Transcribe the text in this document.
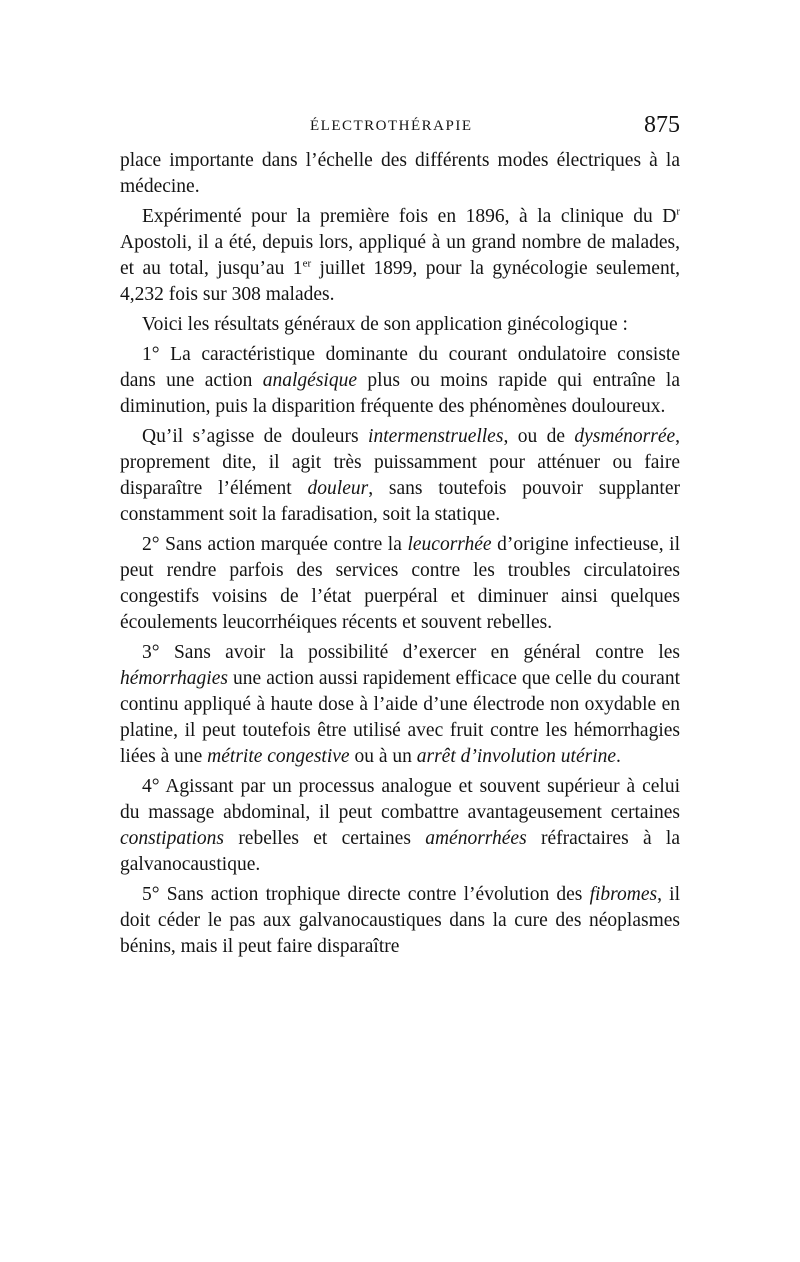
ÉLECTROTHÉRAPIE	875

place importante dans l’échelle des différents modes électriques à la médecine.

Expérimenté pour la première fois en 1896, à la clinique du $D^r$ Apostoli, il a été, depuis lors, appliqué à un grand nombre de malades, et au total, jusqu’au 1er juillet 1899, pour la gynécologie seulement, 4,232 fois sur 308 malades.

Voici les résultats généraux de son application ginécologique :

1° La caractéristique dominante du courant ondulatoire consiste dans une action analgésique plus ou moins rapide qui entraîne la diminution, puis la disparition fréquente des phénomènes douloureux.

Qu’il s’agisse de douleurs intermenstruelles, ou de dysménorrée, proprement dite, il agit très puissamment pour atténuer ou faire disparaître l’élément douleur, sans toutefois pouvoir supplanter constamment soit la faradisation, soit la statique.

2° Sans action marquée contre la leucorrhée d’origine infectieuse, il peut rendre parfois des services contre les troubles circulatoires congestifs voisins de l’état puerpéral et diminuer ainsi quelques écoulements leucorrhéiques récents et souvent rebelles.

3° Sans avoir la possibilité d’exercer en général contre les hémorrhagies une action aussi rapidement efficace que celle du courant continu appliqué à haute dose à l’aide d’une électrode non oxydable en platine, il peut toutefois être utilisé avec fruit contre les hémorrhagies liées à une métrite congestive ou à un arrêt d’involution utérine.

4° Agissant par un processus analogue et souvent supérieur à celui du massage abdominal, il peut combattre avantageusement certaines constipations rebelles et certaines aménorrhées réfractaires à la galvanocaustique.

5° Sans action trophique directe contre l’évolution des fibromes, il doit céder le pas aux galvanocaustiques dans la cure des néoplasmes bénins, mais il peut faire disparaître
